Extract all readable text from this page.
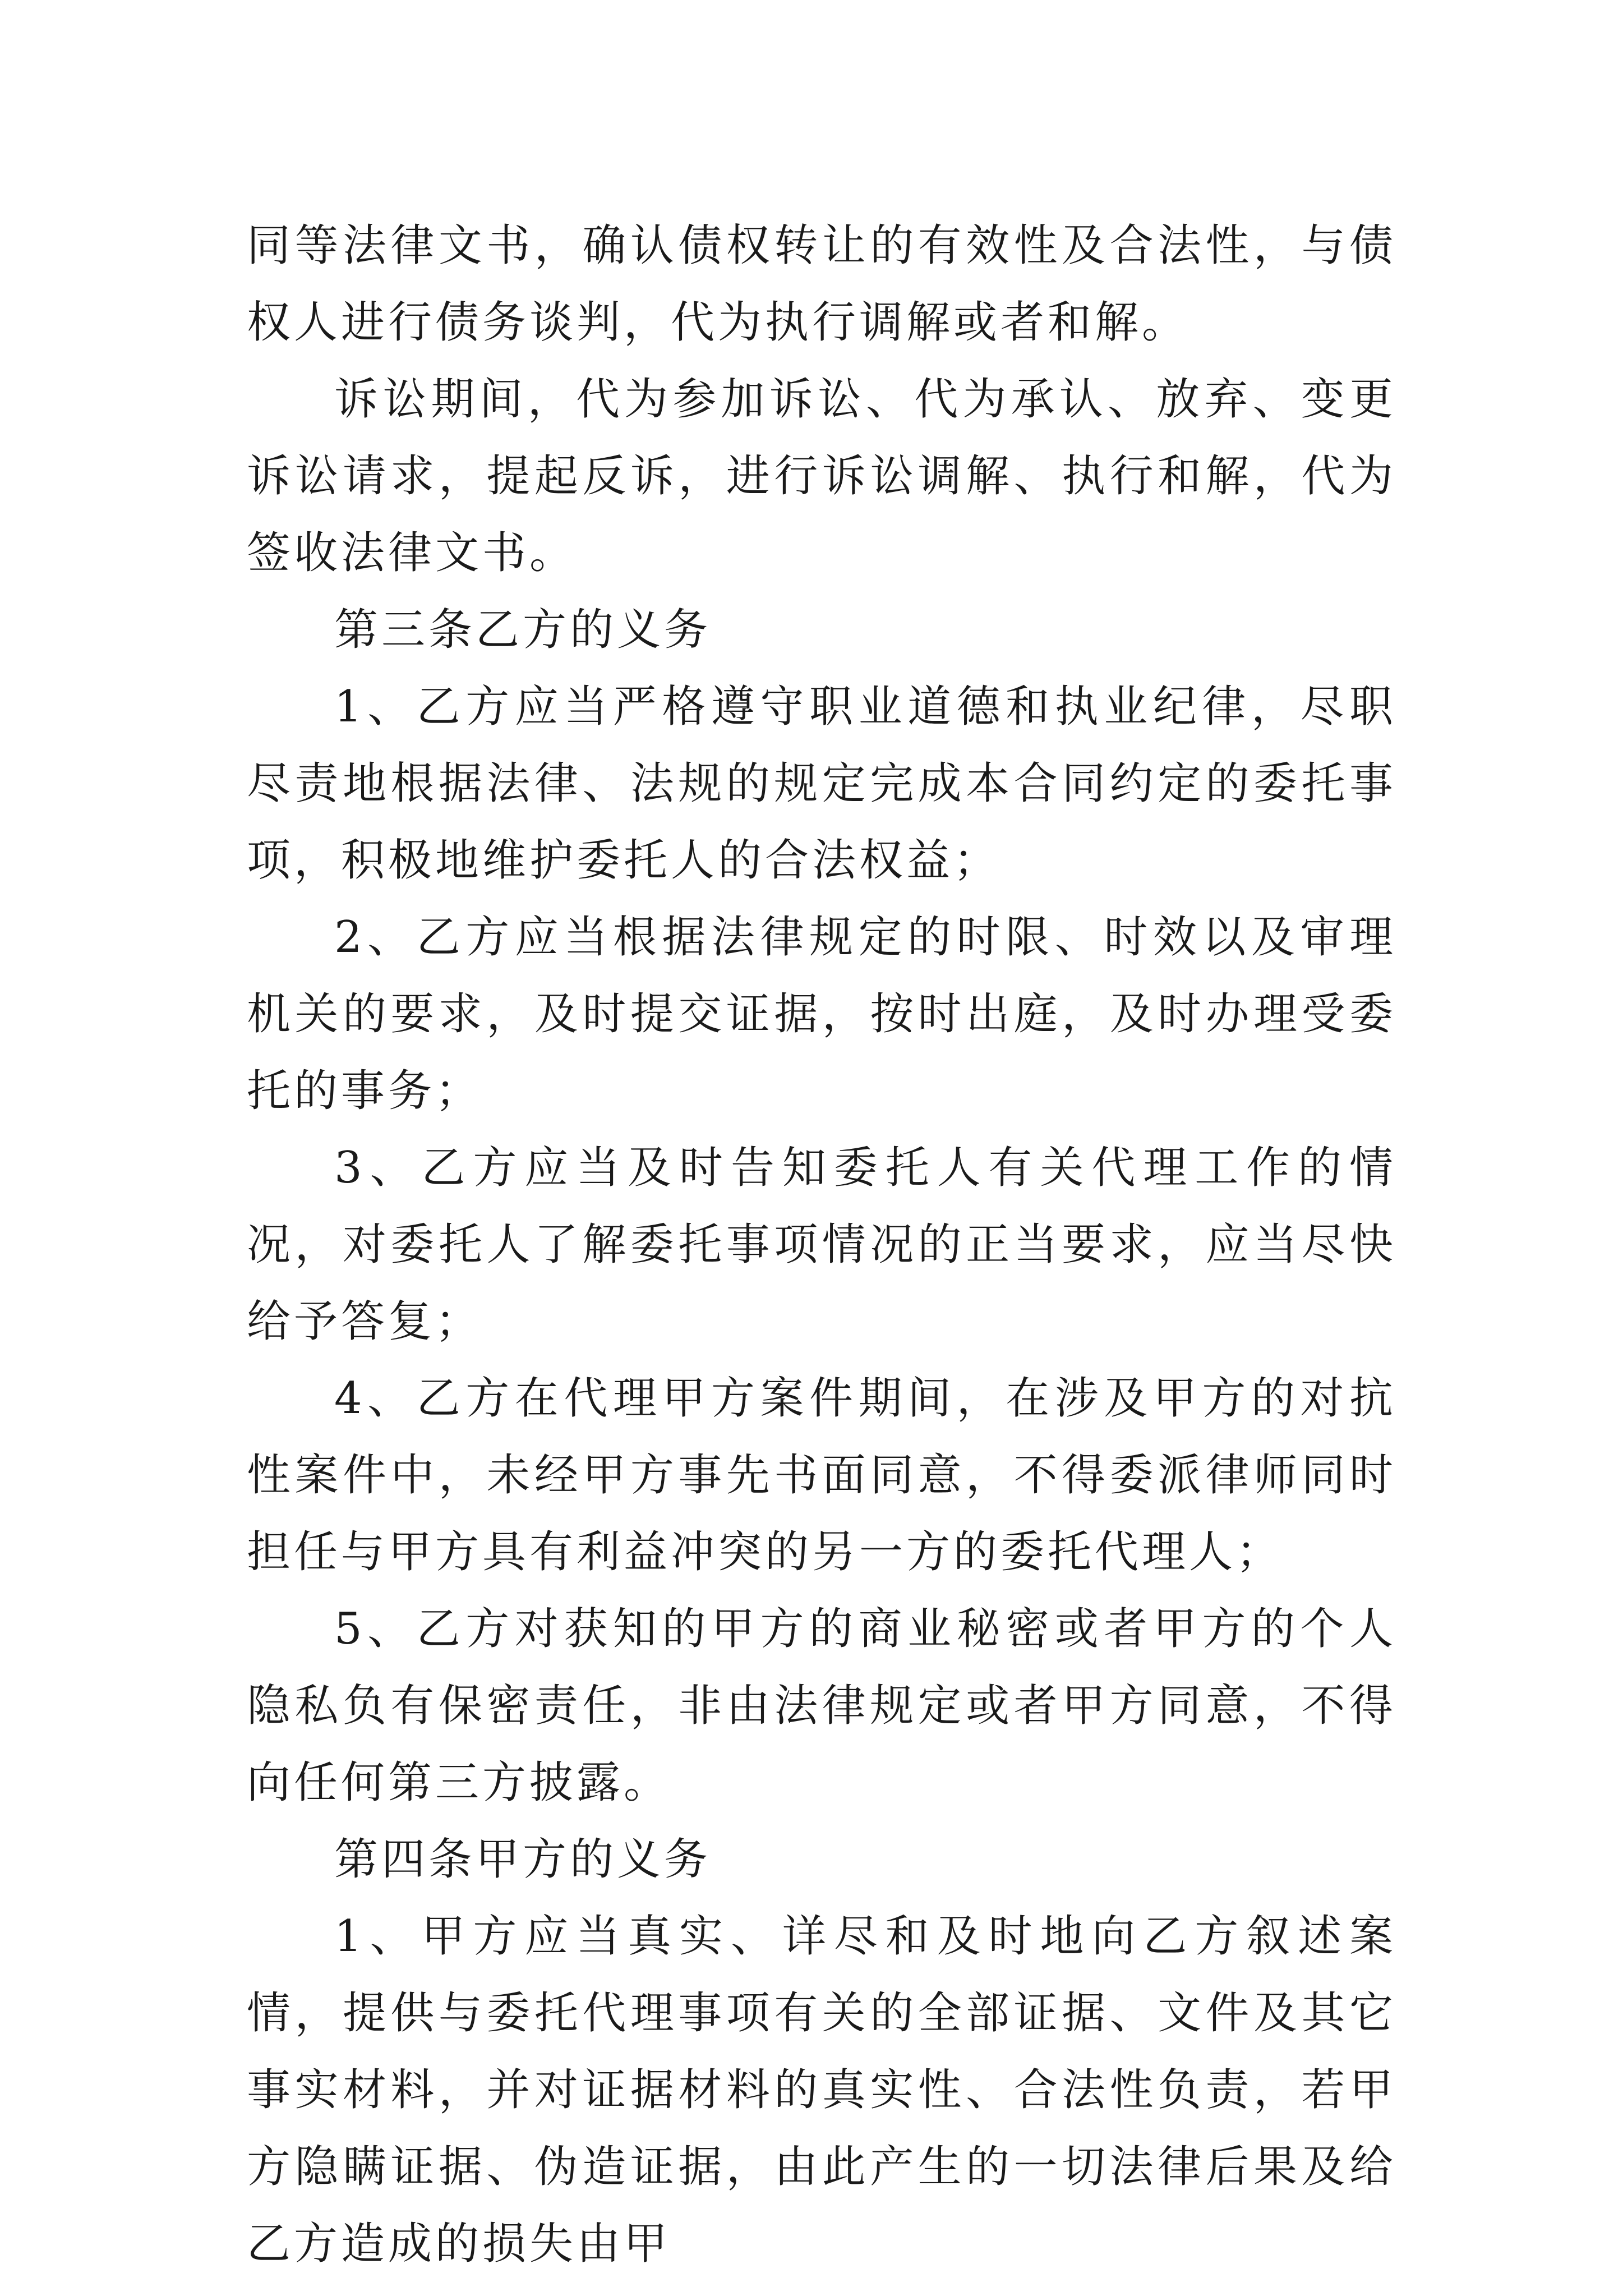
同等法律文书，确认债权转让的有效性及合法性，与债权人进行债务谈判，代为执行调解或者和解。

诉讼期间，代为参加诉讼、代为承认、放弃、变更诉讼请求，提起反诉，进行诉讼调解、执行和解，代为签收法律文书。

第三条乙方的义务

1、乙方应当严格遵守职业道德和执业纪律，尽职尽责地根据法律、法规的规定完成本合同约定的委托事项，积极地维护委托人的合法权益；

2、乙方应当根据法律规定的时限、时效以及审理机关的要求，及时提交证据，按时出庭，及时办理受委托的事务；

3、乙方应当及时告知委托人有关代理工作的情况，对委托人了解委托事项情况的正当要求，应当尽快给予答复；

4、乙方在代理甲方案件期间，在涉及甲方的对抗性案件中，未经甲方事先书面同意，不得委派律师同时担任与甲方具有利益冲突的另一方的委托代理人；

5、乙方对获知的甲方的商业秘密或者甲方的个人隐私负有保密责任，非由法律规定或者甲方同意，不得向任何第三方披露。

第四条甲方的义务

1、甲方应当真实、详尽和及时地向乙方叙述案情，提供与委托代理事项有关的全部证据、文件及其它事实材料，并对证据材料的真实性、合法性负责，若甲方隐瞒证据、伪造证据，由此产生的一切法律后果及给乙方造成的损失由甲
